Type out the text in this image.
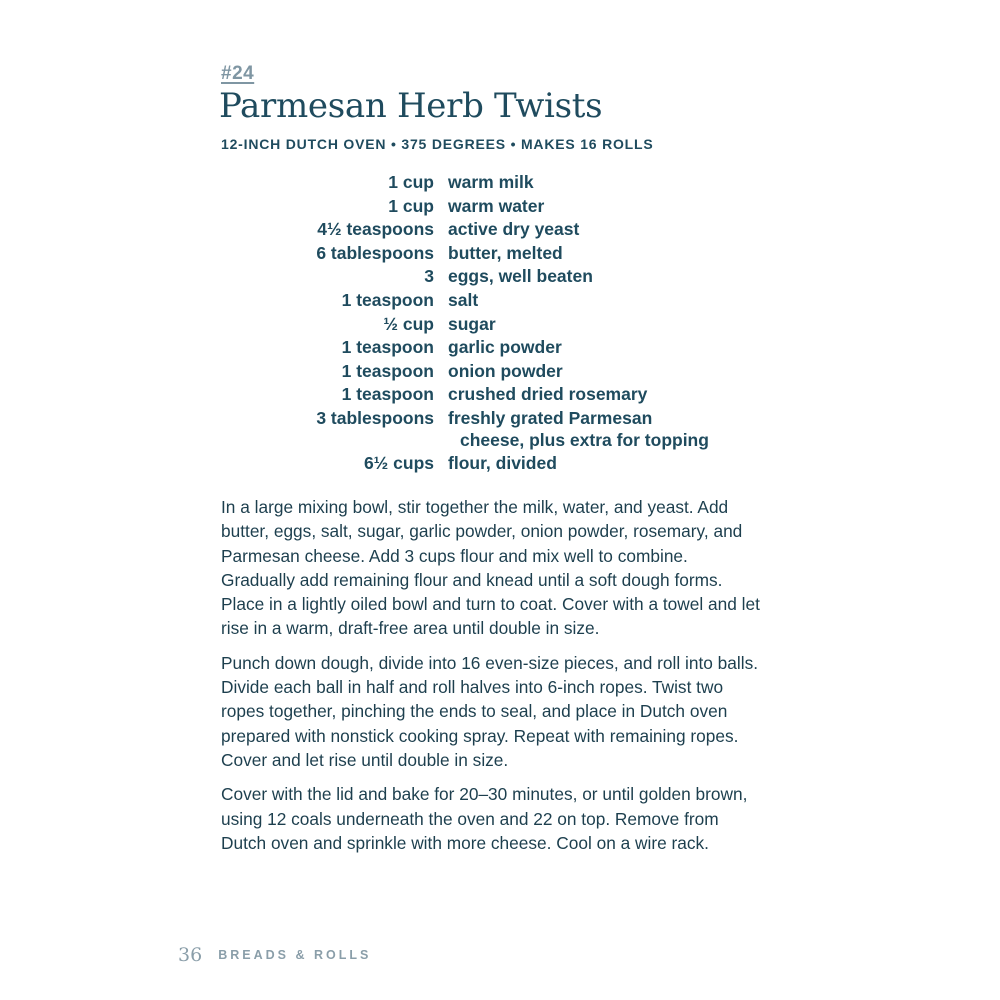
#24
Parmesan Herb Twists
12-INCH DUTCH OVEN • 375 DEGREES • MAKES 16 ROLLS
1 cup warm milk
1 cup warm water
4½ teaspoons active dry yeast
6 tablespoons butter, melted
3 eggs, well beaten
1 teaspoon salt
½ cup sugar
1 teaspoon garlic powder
1 teaspoon onion powder
1 teaspoon crushed dried rosemary
3 tablespoons freshly grated Parmesan
cheese, plus extra for topping
6½ cups flour, divided

In a large mixing bowl, stir together the milk, water, and yeast. Add butter, eggs, salt, sugar, garlic powder, onion powder, rosemary, and Parmesan cheese. Add 3 cups flour and mix well to combine. Gradually add remaining flour and knead until a soft dough forms. Place in a lightly oiled bowl and turn to coat. Cover with a towel and let rise in a warm, draft-free area until double in size.

Punch down dough, divide into 16 even-size pieces, and roll into balls. Divide each ball in half and roll halves into 6-inch ropes. Twist two ropes together, pinching the ends to seal, and place in Dutch oven prepared with nonstick cooking spray. Repeat with remaining ropes. Cover and let rise until double in size.

Cover with the lid and bake for 20–30 minutes, or until golden brown, using 12 coals underneath the oven and 22 on top. Remove from Dutch oven and sprinkle with more cheese. Cool on a wire rack.

36 BREADS & ROLLS
